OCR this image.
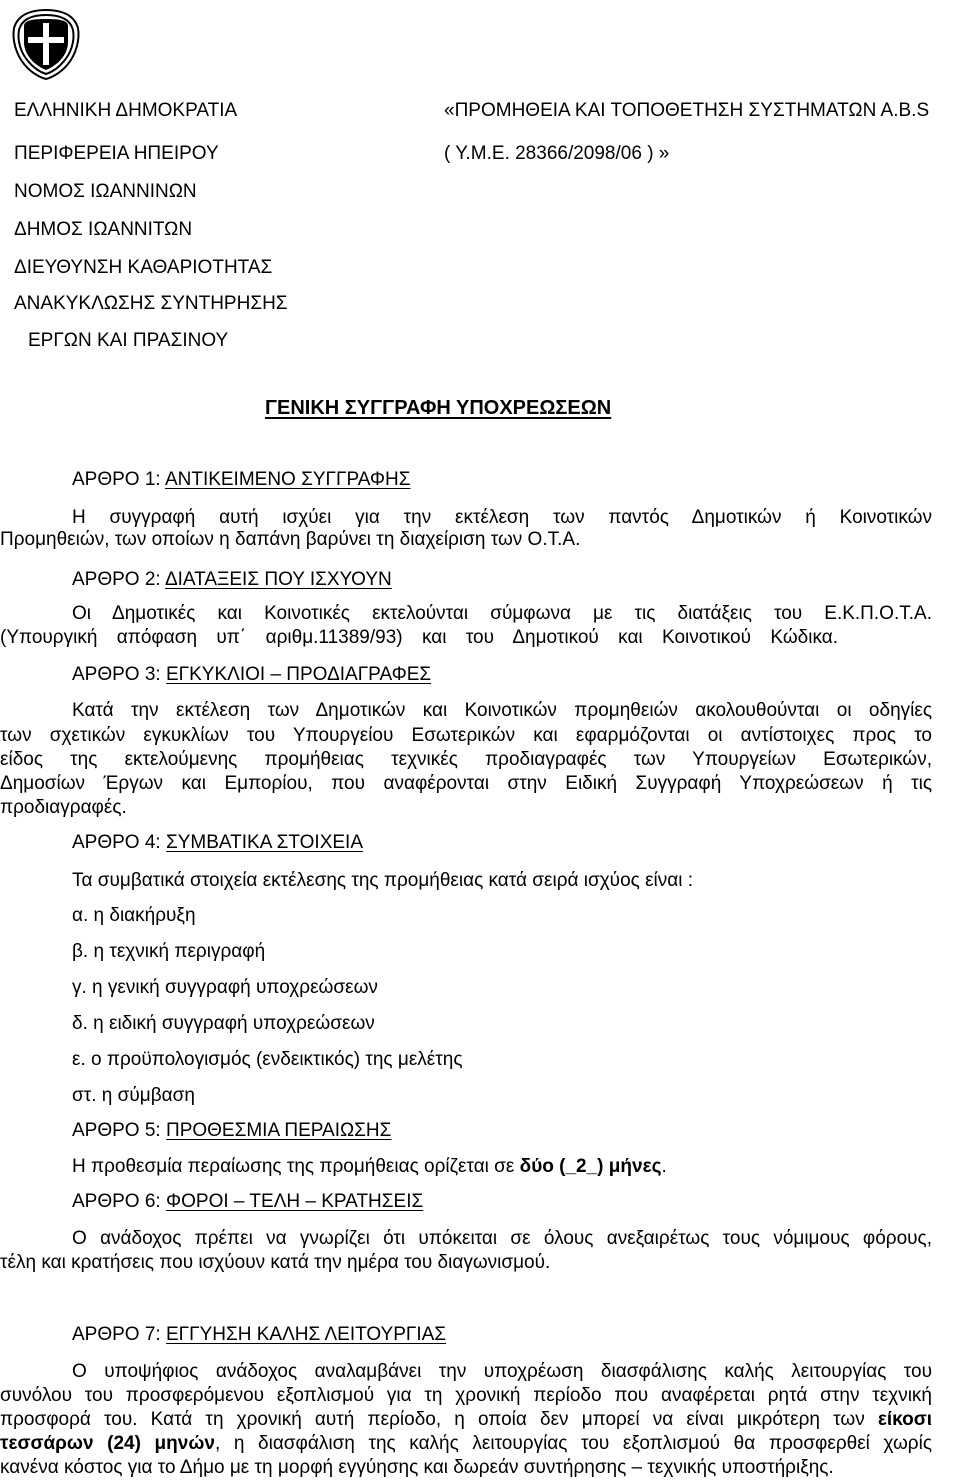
ΕΛΛΗΝΙΚΗ ΔΗΜΟΚΡΑΤΙΑ
ΠΕΡΙΦΕΡΕΙΑ ΗΠΕΙΡΟΥ
ΝΟΜΟΣ ΙΩΑΝΝΙΝΩΝ
ΔΗΜΟΣ ΙΩΑΝΝΙΤΩΝ
ΔΙΕΥΘΥΝΣΗ ΚΑΘΑΡΙΟΤΗΤΑΣ
ΑΝΑΚΥΚΛΩΣΗΣ ΣΥΝΤΗΡΗΣΗΣ
ΕΡΓΩΝ ΚΑΙ ΠΡΑΣΙΝΟΥ
«ΠΡΟΜΗΘΕΙΑ ΚΑΙ ΤΟΠΟΘΕΤΗΣΗ ΣΥΣΤΗΜΑΤΩΝ Α.Β.S
( Υ.Μ.Ε. 28366/2098/06 ) »
ΓΕΝΙΚΗ ΣΥΓΓΡΑΦΗ ΥΠΟΧΡΕΩΣΕΩΝ
ΑΡΘΡΟ 1: ΑΝΤΙΚΕΙΜΕΝΟ ΣΥΓΓΡΑΦΗΣ
Η συγγραφή αυτή ισχύει για την εκτέλεση των παντός Δημοτικών ή Κοινοτικών
Προμηθειών, των οποίων η δαπάνη βαρύνει τη διαχείριση των Ο.Τ.Α.
ΑΡΘΡΟ 2: ΔΙΑΤΑΞΕΙΣ ΠΟΥ ΙΣΧΥΟΥΝ
Οι Δημοτικές και Κοινοτικές εκτελούνται σύμφωνα με τις διατάξεις του Ε.Κ.Π.Ο.Τ.Α.
(Υπουργική απόφαση υπ΄ αριθμ.11389/93) και του Δημοτικού και Κοινοτικού Κώδικα.
ΑΡΘΡΟ 3: ΕΓΚΥΚΛΙΟΙ – ΠΡΟΔΙΑΓΡΑΦΕΣ
Κατά την εκτέλεση των Δημοτικών και Κοινοτικών προμηθειών ακολουθούνται οι οδηγίες
των σχετικών εγκυκλίων του Υπουργείου Εσωτερικών και εφαρμόζονται οι αντίστοιχες προς το
είδος της εκτελούμενης προμήθειας τεχνικές προδιαγραφές των Υπουργείων Εσωτερικών,
Δημοσίων Έργων και Εμπορίου, που αναφέρονται στην Ειδική Συγγραφή Υποχρεώσεων ή τις
προδιαγραφές.
ΑΡΘΡΟ 4: ΣΥΜΒΑΤΙΚΑ ΣΤΟΙΧΕΙΑ
Τα συμβατικά στοιχεία εκτέλεσης της προμήθειας κατά σειρά ισχύος είναι :
α. η διακήρυξη
β. η τεχνική περιγραφή
γ. η γενική συγγραφή υποχρεώσεων
δ. η ειδική συγγραφή υποχρεώσεων
ε. ο προϋπολογισμός (ενδεικτικός) της μελέτης
στ. η σύμβαση
ΑΡΘΡΟ 5: ΠΡΟΘΕΣΜΙΑ ΠΕΡΑΙΩΣΗΣ
Η προθεσμία περαίωσης της προμήθειας ορίζεται σε δύο (_2_) μήνες.
ΑΡΘΡΟ 6: ΦΟΡΟΙ – ΤΕΛΗ – ΚΡΑΤΗΣΕΙΣ
Ο ανάδοχος πρέπει να γνωρίζει ότι υπόκειται σε όλους ανεξαιρέτως τους νόμιμους φόρους,
τέλη και κρατήσεις που ισχύουν κατά την ημέρα του διαγωνισμού.
ΑΡΘΡΟ 7: ΕΓΓΥΗΣΗ ΚΑΛΗΣ ΛΕΙΤΟΥΡΓΙΑΣ
Ο υποψήφιος ανάδοχος αναλαμβάνει την υποχρέωση διασφάλισης καλής λειτουργίας του
συνόλου του προσφερόμενου εξοπλισμού για τη χρονική περίοδο που αναφέρεται ρητά στην τεχνική
προσφορά του. Κατά τη χρονική αυτή περίοδο, η οποία δεν μπορεί να είναι μικρότερη των είκοσι
τεσσάρων (24) μηνών, η διασφάλιση της καλής λειτουργίας του εξοπλισμού θα προσφερθεί χωρίς
κανένα κόστος για το Δήμο με τη μορφή εγγύησης και δωρεάν συντήρησης – τεχνικής υποστήριξης.
